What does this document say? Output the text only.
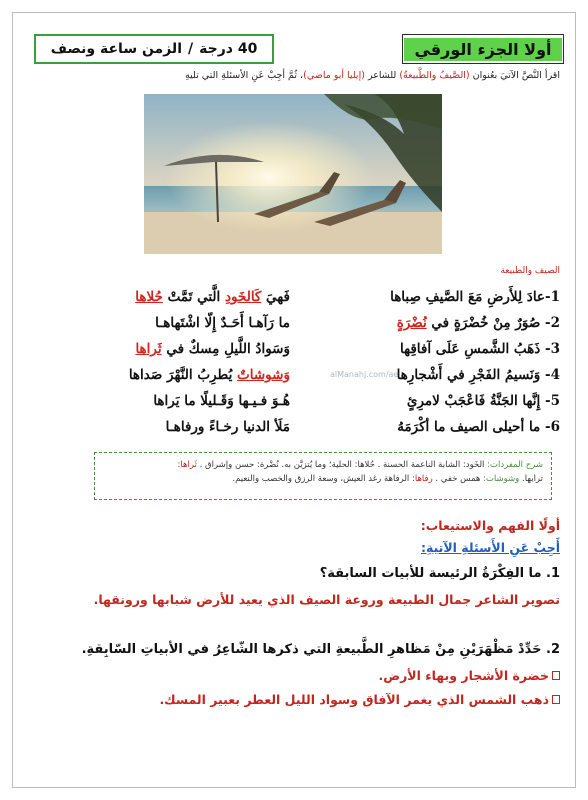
40 درجة
/
الزمن ساعة ونصف	أولا الجزء الورقي
اقرأ النَّصَّ الآتيَ بعُنوان (الصَّيفُ والطَّبيعةُ) للشاعر (إيليا أبو ماضي)، ثُمَّ أجِبْ عَنِ الأسئلةِ التي تليهِ
الصيف والطبيعة
1-عادَ لِلأَرضِ مَعَ الصَّيفِ صِباها
فَهيَ كَالخَودِ الَّتي تَمَّتْ حُلاها
2- صُوَرٌ مِنْ خُضْرَةٍ في نُضْرَةٍ
ما رَآهـا أَحَـدٌ إِلّا اشْتَهاهـا
3- ذَهَبُ الشَّمسِ عَلَى آفاقِها
وَسَوادُ اللَّيلِ مِسكٌ في ثَراها
4- وَنَسيمُ الفَجْرِ في أَشْجارِها
وَشوشاتٌ يُطرِبُ النَّهْرَ صَداها
5- إِنَّها الجَنَّةُ فَاعْجَبْ لامرِئٍ
هُـوَ فـيـها وَقَـليلًا ما يَراها
6- ما أحيلى الصيف ما أكْرَمَهُ
مَلَأ الدنيا رخـاءً ورفاهـا
alManahj.com/ae
شرح المفردات: الخَود: الشابة الناعمة الحسنة . حُلاها: الحلية؛ وما يُتزيَّن به. نُضْرة: حسن وإشراق . ثَراها:
ترابها. وشوشات: همس خفي . رفاها: الرفاهة رغد العيش، وسعة الرزق والخصب والنعيم.
أولًا الفهم والاستيعاب:
أَجِبْ عَنِ الأَسئلةِ الآتيةِ:
1. ما الفِكْرَةُ الرئيسة للأبيات السابقة؟
تصوير الشاعر جمال الطبيعة وروعة الصيف الذي يعيد للأرض شبابها ورونقها.
2. حَدِّدْ مَظْهَرَيْنِ مِنْ مَظاهرِ الطَّبيعةِ التي ذكرها الشّاعِرُ في الأبياتِ السّابِقةِ.
خضرة الأشجار وبهاء الأرض.
ذهب الشمس الذي يغمر الآفاق وسواد الليل العطر بعبير المسك.
